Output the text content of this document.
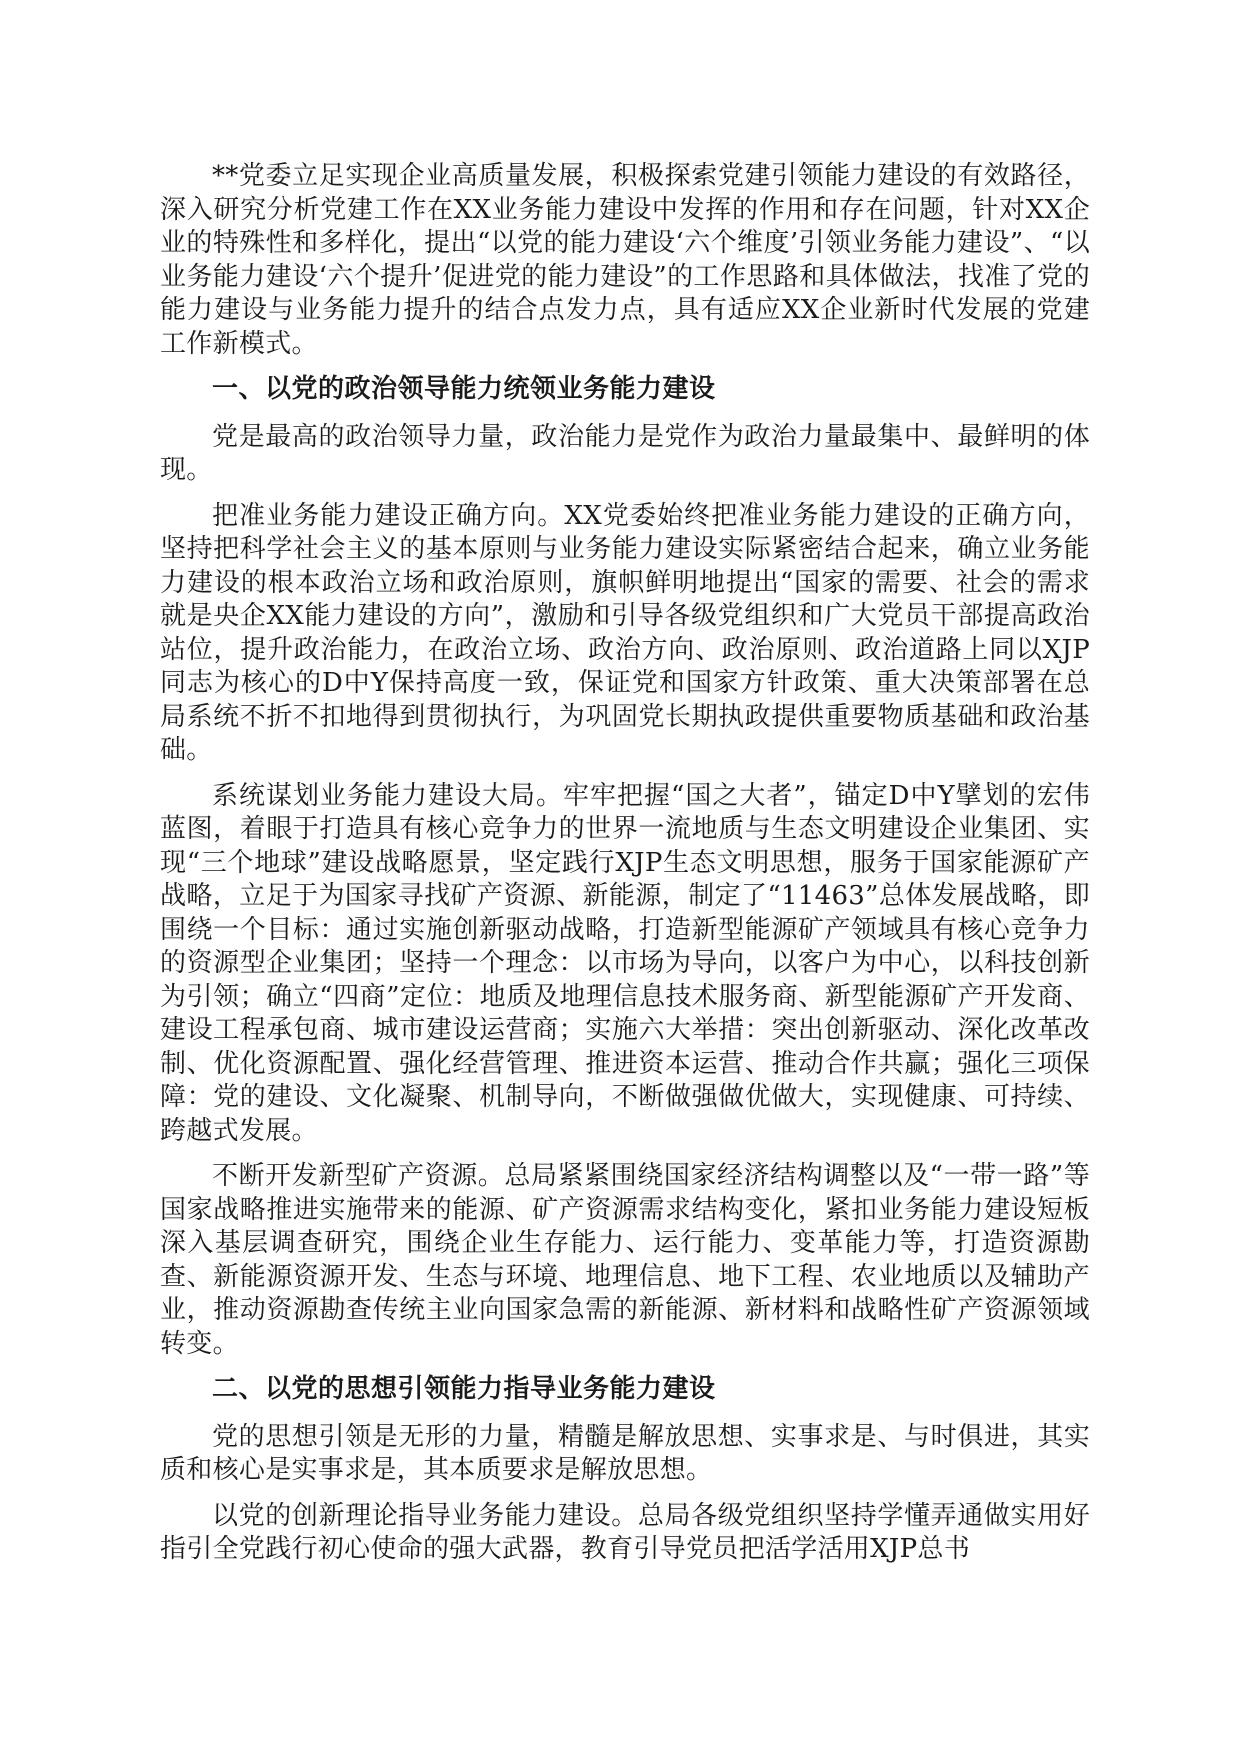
**党委立足实现企业高质量发展，积极探索党建引领能力建设的有效路径，深入研究分析党建工作在XX业务能力建设中发挥的作用和存在问题，针对XX企业的特殊性和多样化，提出“以党的能力建设‘六个维度’引领业务能力建设”、“以业务能力建设‘六个提升’促进党的能力建设”的工作思路和具体做法，找准了党的能力建设与业务能力提升的结合点发力点，具有适应XX企业新时代发展的党建工作新模式。

一、以党的政治领导能力统领业务能力建设

党是最高的政治领导力量，政治能力是党作为政治力量最集中、最鲜明的体现。

把准业务能力建设正确方向。XX党委始终把准业务能力建设的正确方向，坚持把科学社会主义的基本原则与业务能力建设实际紧密结合起来，确立业务能力建设的根本政治立场和政治原则，旗帜鲜明地提出“国家的需要、社会的需求就是央企XX能力建设的方向”，激励和引导各级党组织和广大党员干部提高政治站位，提升政治能力，在政治立场、政治方向、政治原则、政治道路上同以XJP同志为核心的D中Y保持高度一致，保证党和国家方针政策、重大决策部署在总局系统不折不扣地得到贯彻执行，为巩固党长期执政提供重要物质基础和政治基础。

系统谋划业务能力建设大局。牢牢把握“国之大者”，锚定D中Y擘划的宏伟蓝图，着眼于打造具有核心竞争力的世界一流地质与生态文明建设企业集团、实现“三个地球”建设战略愿景，坚定践行XJP生态文明思想，服务于国家能源矿产战略，立足于为国家寻找矿产资源、新能源，制定了“11463”总体发展战略，即围绕一个目标：通过实施创新驱动战略，打造新型能源矿产领域具有核心竞争力的资源型企业集团；坚持一个理念：以市场为导向，以客户为中心，以科技创新为引领；确立“四商”定位：地质及地理信息技术服务商、新型能源矿产开发商、建设工程承包商、城市建设运营商；实施六大举措：突出创新驱动、深化改革改制、优化资源配置、强化经营管理、推进资本运营、推动合作共赢；强化三项保障：党的建设、文化凝聚、机制导向，不断做强做优做大，实现健康、可持续、跨越式发展。

不断开发新型矿产资源。总局紧紧围绕国家经济结构调整以及“一带一路”等国家战略推进实施带来的能源、矿产资源需求结构变化，紧扣业务能力建设短板深入基层调查研究，围绕企业生存能力、运行能力、变革能力等，打造资源勘查、新能源资源开发、生态与环境、地理信息、地下工程、农业地质以及辅助产业，推动资源勘查传统主业向国家急需的新能源、新材料和战略性矿产资源领域转变。

二、以党的思想引领能力指导业务能力建设

党的思想引领是无形的力量，精髓是解放思想、实事求是、与时俱进，其实质和核心是实事求是，其本质要求是解放思想。

以党的创新理论指导业务能力建设。总局各级党组织坚持学懂弄通做实用好指引全党践行初心使命的强大武器，教育引导党员把活学活用XJP总书
